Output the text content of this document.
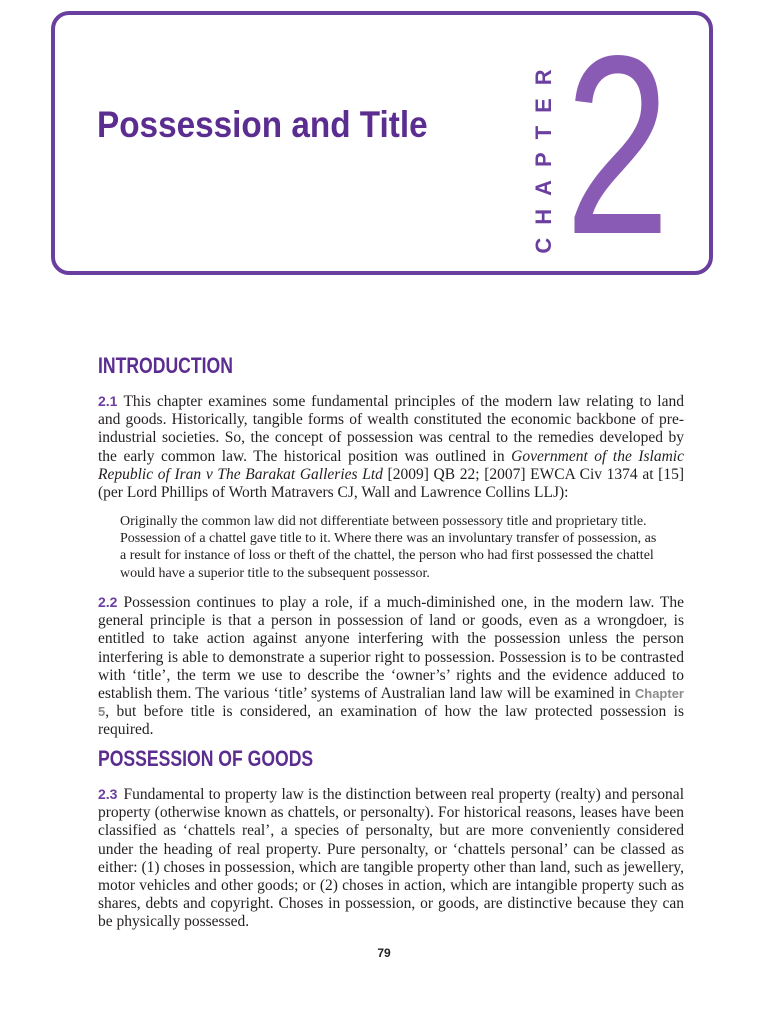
Possession and Title	CHAPTER 2
INTRODUCTION

2.1 This chapter examines some fundamental principles of the modern law relating to land and goods. Historically, tangible forms of wealth constituted the economic backbone of pre-industrial societies. So, the concept of possession was central to the remedies developed by the early common law. The historical position was outlined in Government of the Islamic Republic of Iran v The Barakat Galleries Ltd [2009] QB 22; [2007] EWCA Civ 1374 at [15] (per Lord Phillips of Worth Matravers CJ, Wall and Lawrence Collins LLJ):

Originally the common law did not differentiate between possessory title and proprietary title. Possession of a chattel gave title to it. Where there was an involuntary transfer of possession, as a result for instance of loss or theft of the chattel, the person who had first possessed the chattel would have a superior title to the subsequent possessor.

2.2 Possession continues to play a role, if a much-diminished one, in the modern law. The general principle is that a person in possession of land or goods, even as a wrongdoer, is entitled to take action against anyone interfering with the possession unless the person interfering is able to demonstrate a superior right to possession. Possession is to be contrasted with ‘title’, the term we use to describe the ‘owner’s’ rights and the evidence adduced to establish them. The various ‘title’ systems of Australian land law will be examined in Chapter 5, but before title is considered, an examination of how the law protected possession is required.

POSSESSION OF GOODS

2.3 Fundamental to property law is the distinction between real property (realty) and personal property (otherwise known as chattels, or personalty). For historical reasons, leases have been classified as ‘chattels real’, a species of personalty, but are more conveniently considered under the heading of real property. Pure personalty, or ‘chattels personal’ can be classed as either: (1) choses in possession, which are tangible property other than land, such as jewellery, motor vehicles and other goods; or (2) choses in action, which are intangible property such as shares, debts and copyright. Choses in possession, or goods, are distinctive because they can be physically possessed.

79
